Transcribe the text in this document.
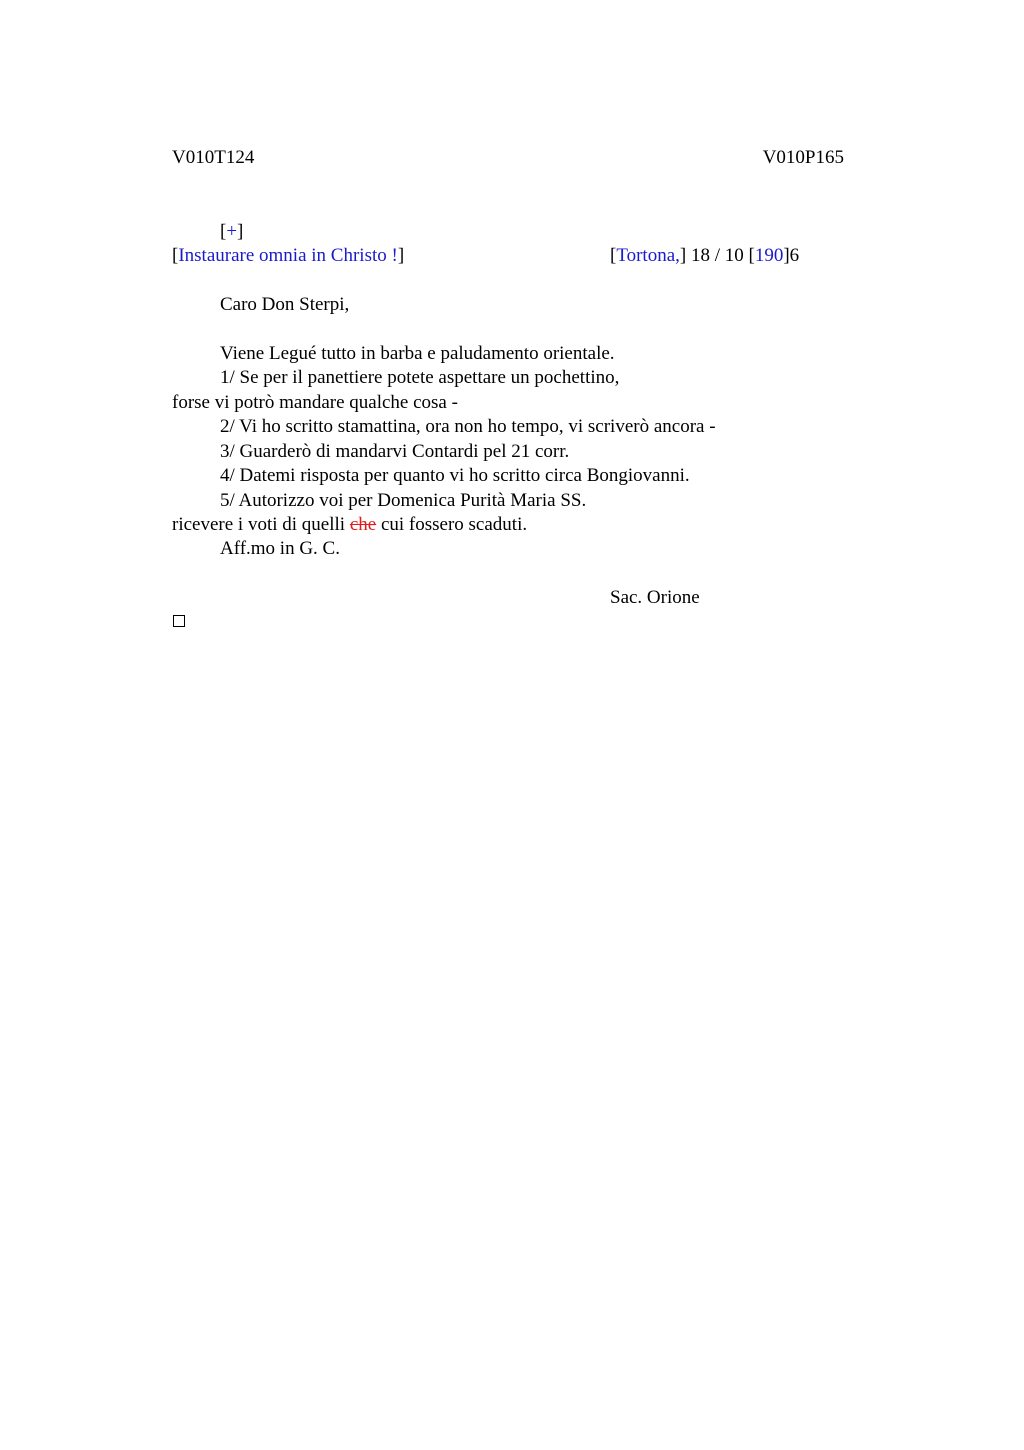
V010T124	V010P165
[+]
[Instaurare omnia in Christo !]	[Tortona,] 18 / 10 [190]6
Caro Don Sterpi,
Viene Legué tutto in barba e paludamento orientale.
1/ Se per il panettiere potete aspettare un pochettino,
forse vi potrò mandare qualche cosa -
2/ Vi ho scritto stamattina, ora non ho tempo, vi scriverò ancora -
3/ Guarderò di mandarvi Contardi pel 21 corr.
4/ Datemi risposta per quanto vi ho scritto circa Bongiovanni.
5/ Autorizzo voi per Domenica Purità Maria SS.
ricevere i voti di quelli che cui fossero scaduti.
Aff.mo in G. C.
Sac. Orione
